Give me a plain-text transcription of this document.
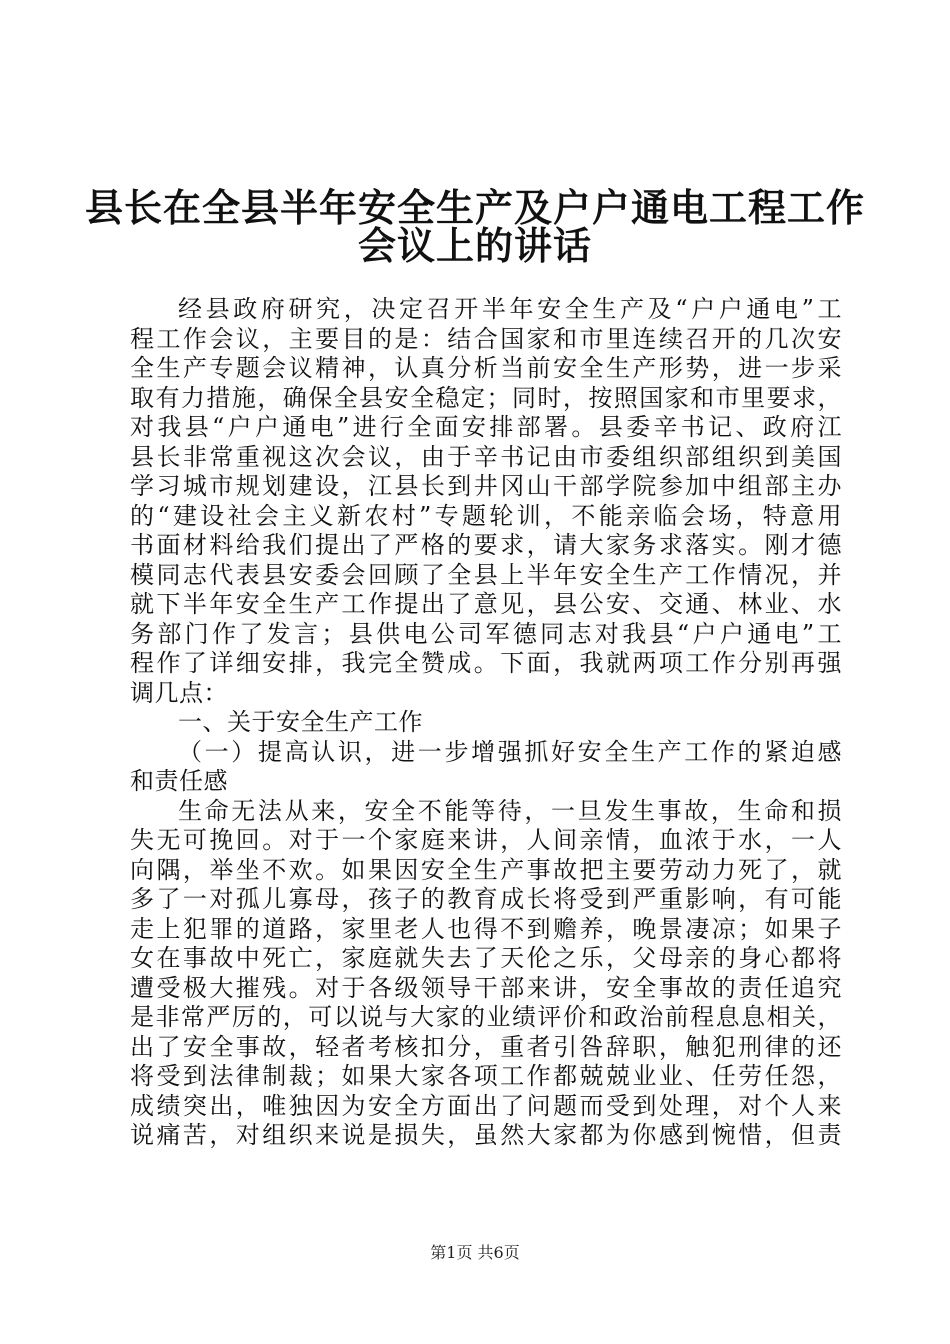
县长在全县半年安全生产及户户通电工程工作
会议上的讲话
经县政府研究，决定召开半年安全生产及“户户通电”工
程工作会议，主要目的是：结合国家和市里连续召开的几次安
全生产专题会议精神，认真分析当前安全生产形势，进一步采
取有力措施，确保全县安全稳定；同时，按照国家和市里要求，
对我县“户户通电”进行全面安排部署。县委辛书记、政府江
县长非常重视这次会议，由于辛书记由市委组织部组织到美国
学习城市规划建设，江县长到井冈山干部学院参加中组部主办
的“建设社会主义新农村”专题轮训，不能亲临会场，特意用
书面材料给我们提出了严格的要求，请大家务求落实。刚才德
模同志代表县安委会回顾了全县上半年安全生产工作情况，并
就下半年安全生产工作提出了意见，县公安、交通、林业、水
务部门作了发言；县供电公司军德同志对我县“户户通电”工
程作了详细安排，我完全赞成。下面，我就两项工作分别再强
调几点：
一、关于安全生产工作
（一）提高认识，进一步增强抓好安全生产工作的紧迫感
和责任感
生命无法从来，安全不能等待，一旦发生事故，生命和损
失无可挽回。对于一个家庭来讲，人间亲情，血浓于水，一人
向隅，举坐不欢。如果因安全生产事故把主要劳动力死了，就
多了一对孤儿寡母，孩子的教育成长将受到严重影响，有可能
走上犯罪的道路，家里老人也得不到赡养，晚景凄凉；如果子
女在事故中死亡，家庭就失去了天伦之乐，父母亲的身心都将
遭受极大摧残。对于各级领导干部来讲，安全事故的责任追究
是非常严厉的，可以说与大家的业绩评价和政治前程息息相关，
出了安全事故，轻者考核扣分，重者引咎辞职，触犯刑律的还
将受到法律制裁；如果大家各项工作都兢兢业业、任劳任怨，
成绩突出，唯独因为安全方面出了问题而受到处理，对个人来
说痛苦，对组织来说是损失，虽然大家都为你感到惋惜，但责
第1页 共6页
